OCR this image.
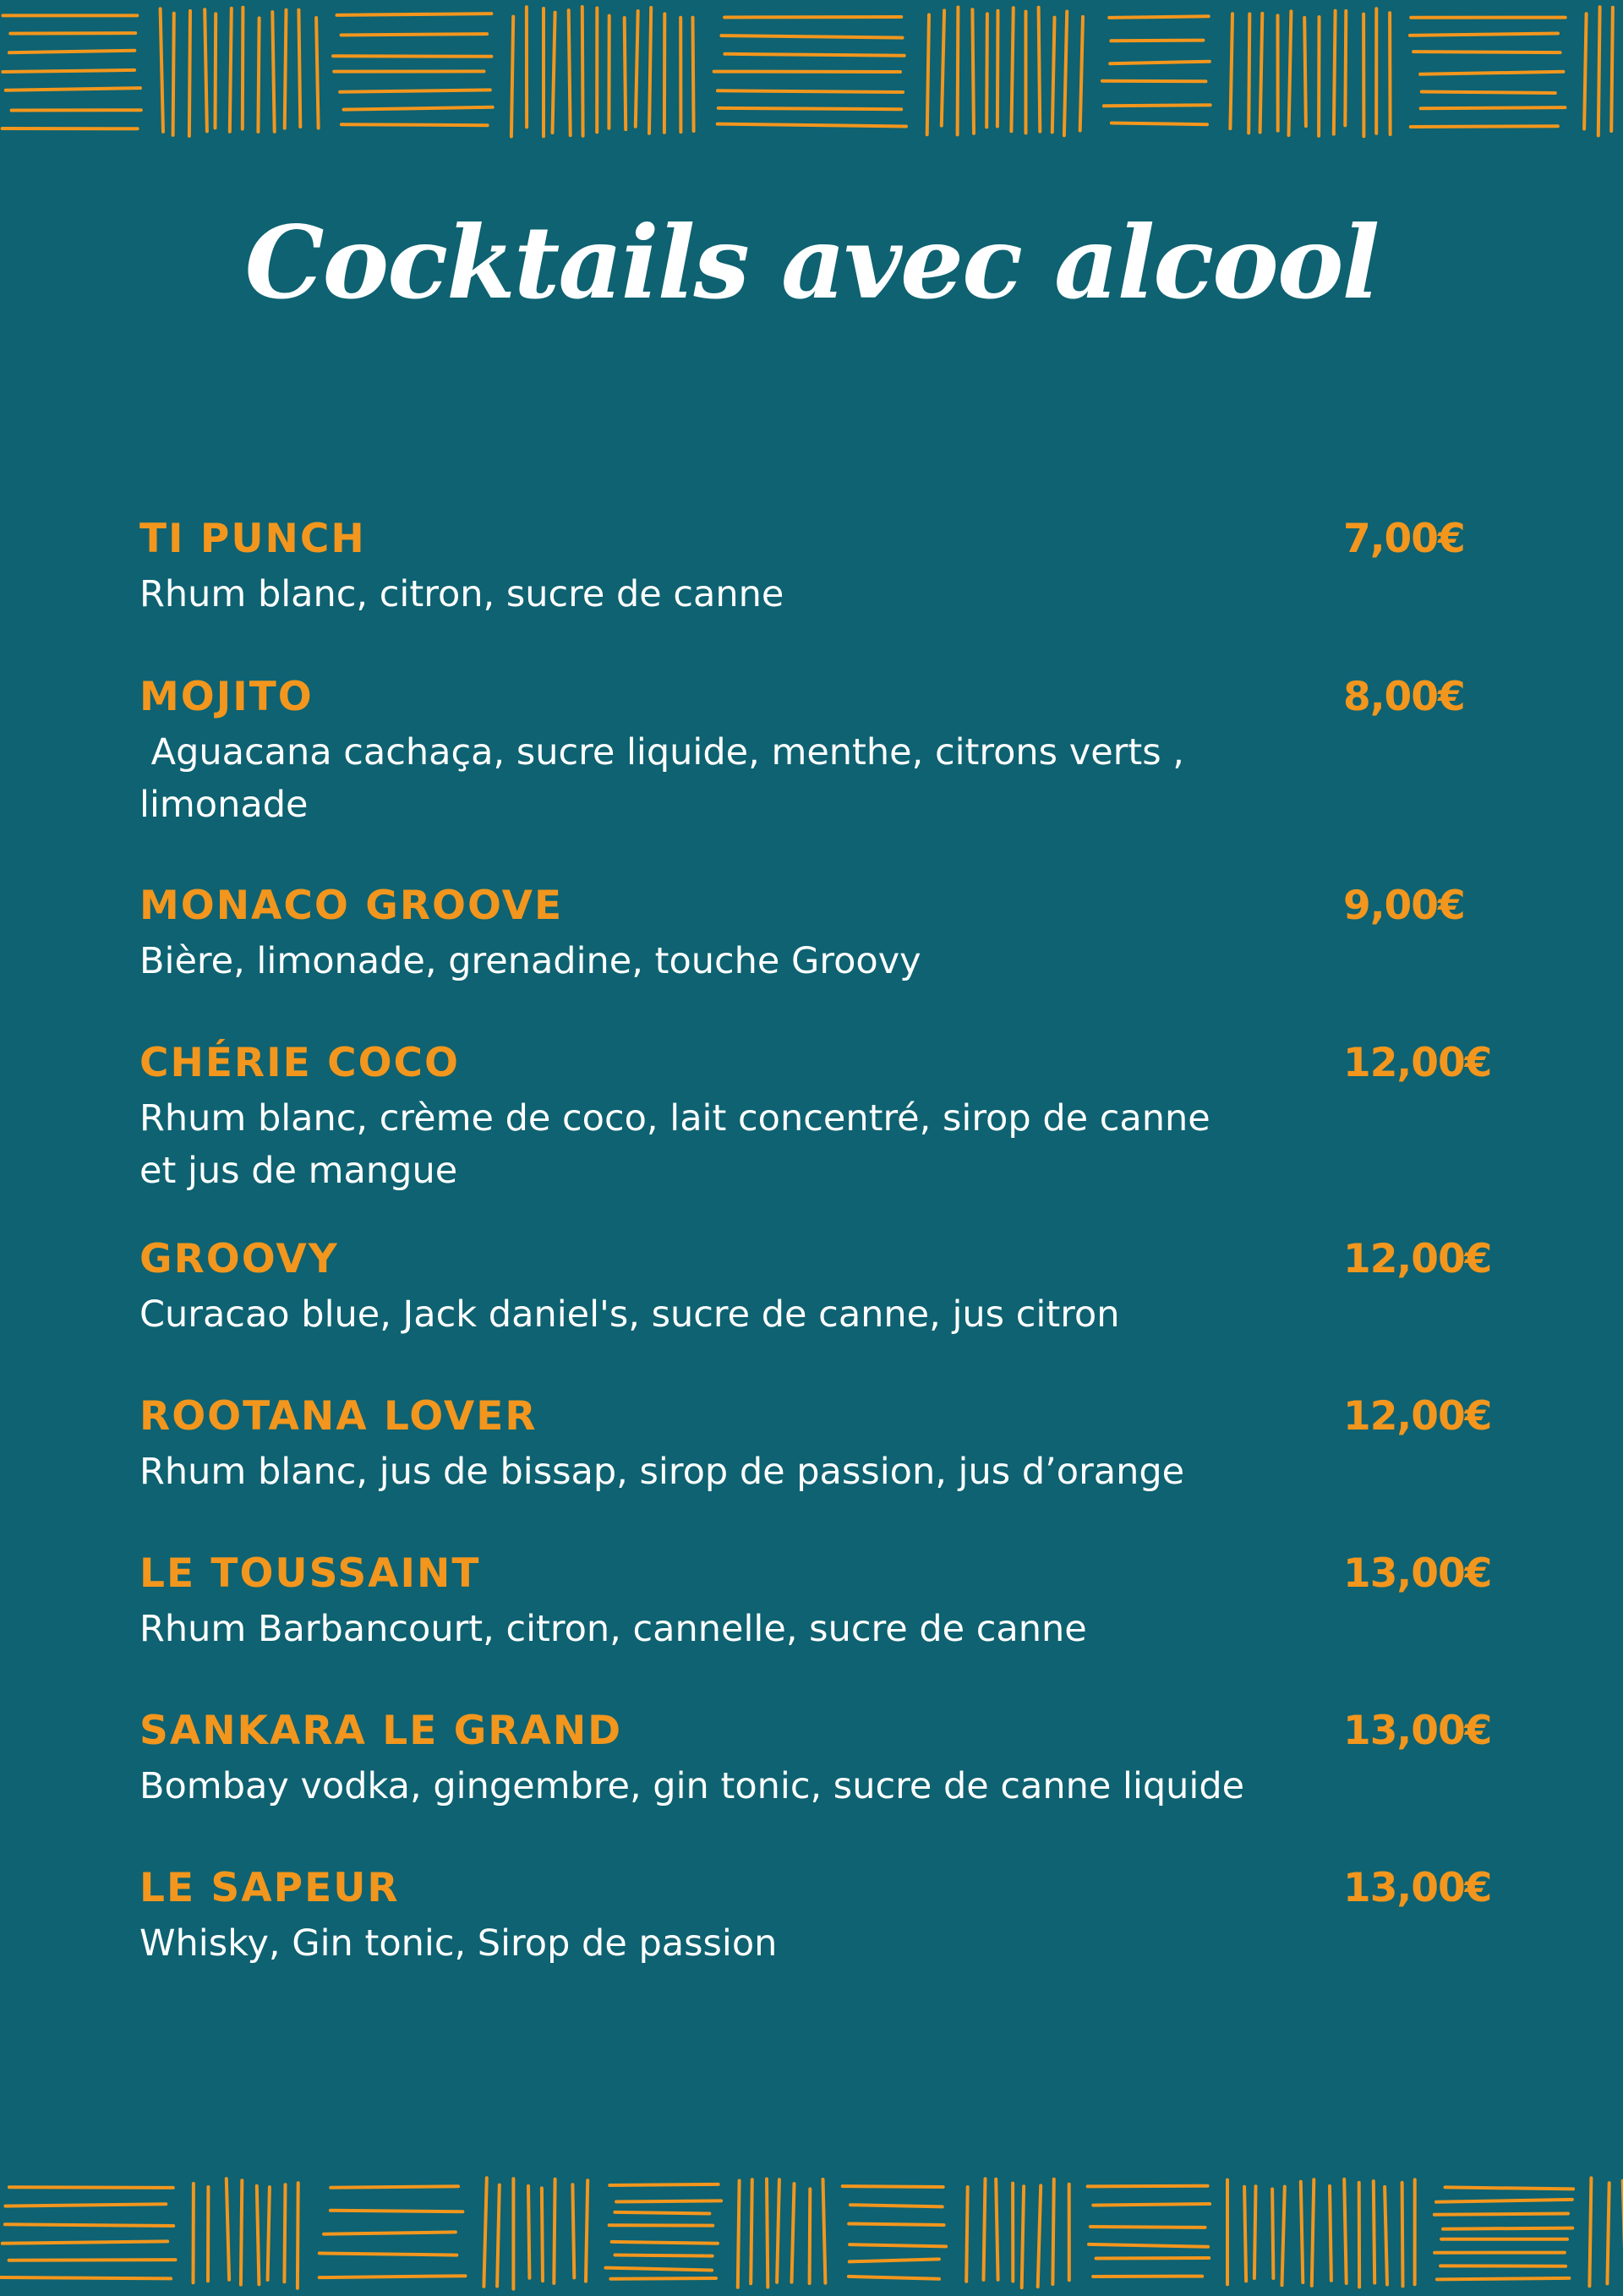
Cocktails avec alcool
TI PUNCH	7,00€
Rhum blanc, citron, sucre de canne
MOJITO	8,00€
Aguacana cachaça, sucre liquide, menthe, citrons verts ,
limonade
MONACO GROOVE	9,00€
Bière, limonade, grenadine, touche Groovy
CHÉRIE COCO	12,00€
Rhum blanc, crème de coco, lait concentré, sirop de canne
et jus de mangue
GROOVY	12,00€
Curacao blue, Jack daniel's, sucre de canne, jus citron
ROOTANA LOVER	12,00€
Rhum blanc, jus de bissap, sirop de passion, jus d’orange
LE TOUSSAINT	13,00€
Rhum Barbancourt, citron, cannelle, sucre de canne
SANKARA LE GRAND	13,00€
Bombay vodka, gingembre, gin tonic, sucre de canne liquide
LE SAPEUR	13,00€
Whisky, Gin tonic, Sirop de passion
